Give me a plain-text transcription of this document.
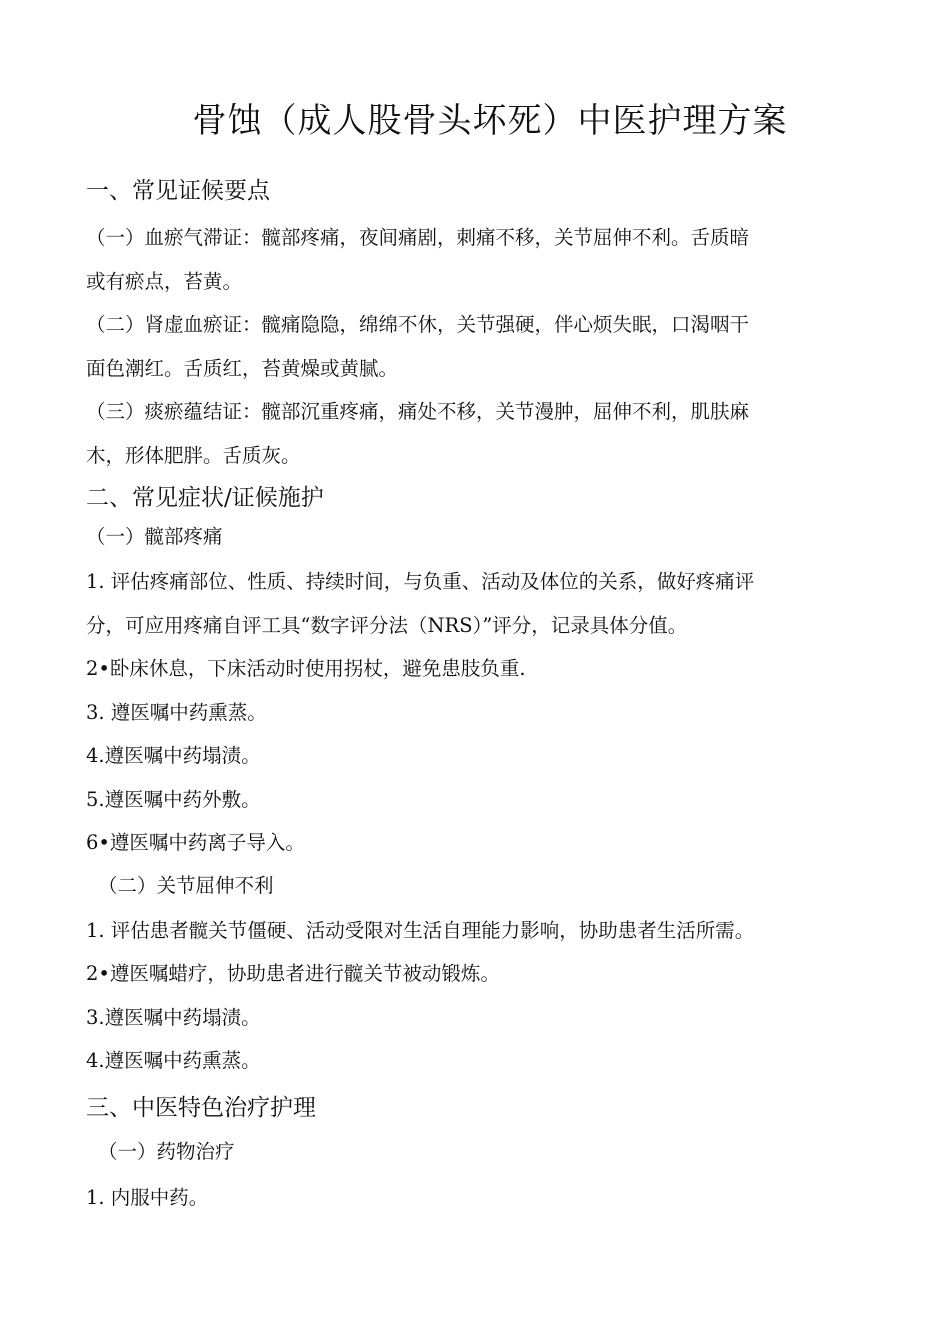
骨蚀（成人股骨头坏死）中医护理方案
一、常见证候要点
（一）血瘀气滞证：髋部疼痛，夜间痛剧，刺痛不移，关节屈伸不利。舌质暗
或有瘀点，苔黄。
（二）肾虚血瘀证：髋痛隐隐，绵绵不休，关节强硬，伴心烦失眠，口渴咽干
面色潮红。舌质红，苔黄燥或黄腻。
（三）痰瘀蕴结证：髋部沉重疼痛，痛处不移，关节漫肿，屈伸不利，肌肤麻
木，形体肥胖。舌质灰。
二、常见症状/证候施护
（一）髋部疼痛
1. 评估疼痛部位、性质、持续时间，与负重、活动及体位的关系，做好疼痛评
分，可应用疼痛自评工具“数字评分法（NRS）”评分，记录具体分值。
2•卧床休息，下床活动时使用拐杖，避免患肢负重.
3. 遵医嘱中药熏蒸。
4.遵医嘱中药塌渍。
5.遵医嘱中药外敷。
6•遵医嘱中药离子导入。
（二）关节屈伸不利
1. 评估患者髋关节僵硬、活动受限对生活自理能力影响，协助患者生活所需。
2•遵医嘱蜡疗，协助患者进行髋关节被动锻炼。
3.遵医嘱中药塌渍。
4.遵医嘱中药熏蒸。
三、中医特色治疗护理
（一）药物治疗
1. 内服中药。
